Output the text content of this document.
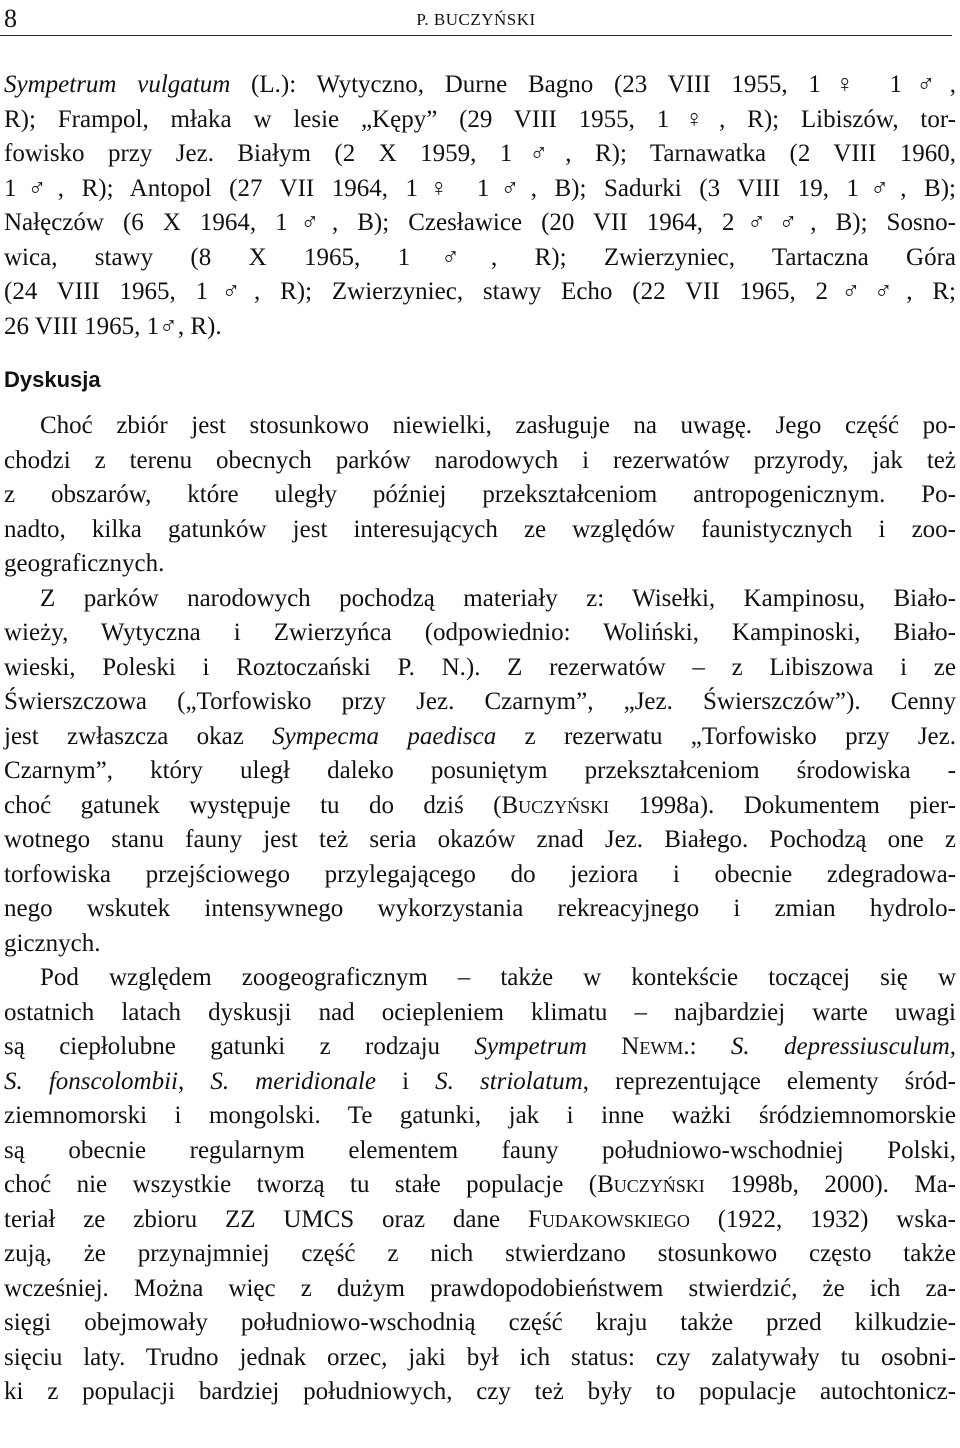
8	P. BUCZYŃSKI

Sympetrum vulgatum (L.): Wytyczno, Durne Bagno (23 VIII 1955, 1♀ 1♂,
R); Frampol, młaka w lesie „Kępy” (29 VIII 1955, 1♀, R); Libiszów, tor-
fowisko przy Jez. Białym (2 X 1959, 1♂, R); Tarnawatka (2 VIII 1960,
1♂, R); Antopol (27 VII 1964, 1♀ 1♂, B); Sadurki (3 VIII 19, 1♂, B);
Nałęczów (6 X 1964, 1♂, B); Czesławice (20 VII 1964, 2♂♂, B); Sosno-
wica, stawy (8 X 1965, 1♂, R); Zwierzyniec, Tartaczna Góra
(24 VIII 1965, 1♂, R); Zwierzyniec, stawy Echo (22 VII 1965, 2♂♂, R;
26 VIII 1965, 1♂, R).

Dyskusja

Choć zbiór jest stosunkowo niewielki, zasługuje na uwagę. Jego część po-
chodzi z terenu obecnych parków narodowych i rezerwatów przyrody, jak też
z obszarów, które uległy później przekształceniom antropogenicznym. Po-
nadto, kilka gatunków jest interesujących ze względów faunistycznych i zoo-
geograficznych.

Z parków narodowych pochodzą materiały z: Wisełki, Kampinosu, Biało-
wieży, Wytyczna i Zwierzyńca (odpowiednio: Woliński, Kampinoski, Biało-
wieski, Poleski i Roztoczański P. N.). Z rezerwatów – z Libiszowa i ze
Świerszczowa („Torfowisko przy Jez. Czarnym”, „Jez. Świerszczów”). Cenny
jest zwłaszcza okaz Sympecma paedisca z rezerwatu „Torfowisko przy Jez.
Czarnym”, który uległ daleko posuniętym przekształceniom środowiska -
choć gatunek występuje tu do dziś (Buczyński 1998a). Dokumentem pier-
wotnego stanu fauny jest też seria okazów znad Jez. Białego. Pochodzą one z
torfowiska przejściowego przylegającego do jeziora i obecnie zdegradowa-
nego wskutek intensywnego wykorzystania rekreacyjnego i zmian hydrolo-
gicznych.

Pod względem zoogeograficznym – także w kontekście toczącej się w
ostatnich latach dyskusji nad ociepleniem klimatu – najbardziej warte uwagi
są ciepłolubne gatunki z rodzaju Sympetrum Newm.: S. depressiusculum,
S. fonscolombii, S. meridionale i S. striolatum, reprezentujące elementy śród-
ziemnomorski i mongolski. Te gatunki, jak i inne ważki śródziemnomorskie
są obecnie regularnym elementem fauny południowo-wschodniej Polski,
choć nie wszystkie tworzą tu stałe populacje (Buczyński 1998b, 2000). Ma-
teriał ze zbioru ZZ UMCS oraz dane Fudakowskiego (1922, 1932) wska-
zują, że przynajmniej część z nich stwierdzano stosunkowo często także
wcześniej. Można więc z dużym prawdopodobieństwem stwierdzić, że ich za-
sięgi obejmowały południowo-wschodnią część kraju także przed kilkudzie-
sięciu laty. Trudno jednak orzec, jaki był ich status: czy zalatywały tu osobni-
ki z populacji bardziej południowych, czy też były to populacje autochtonicz-
